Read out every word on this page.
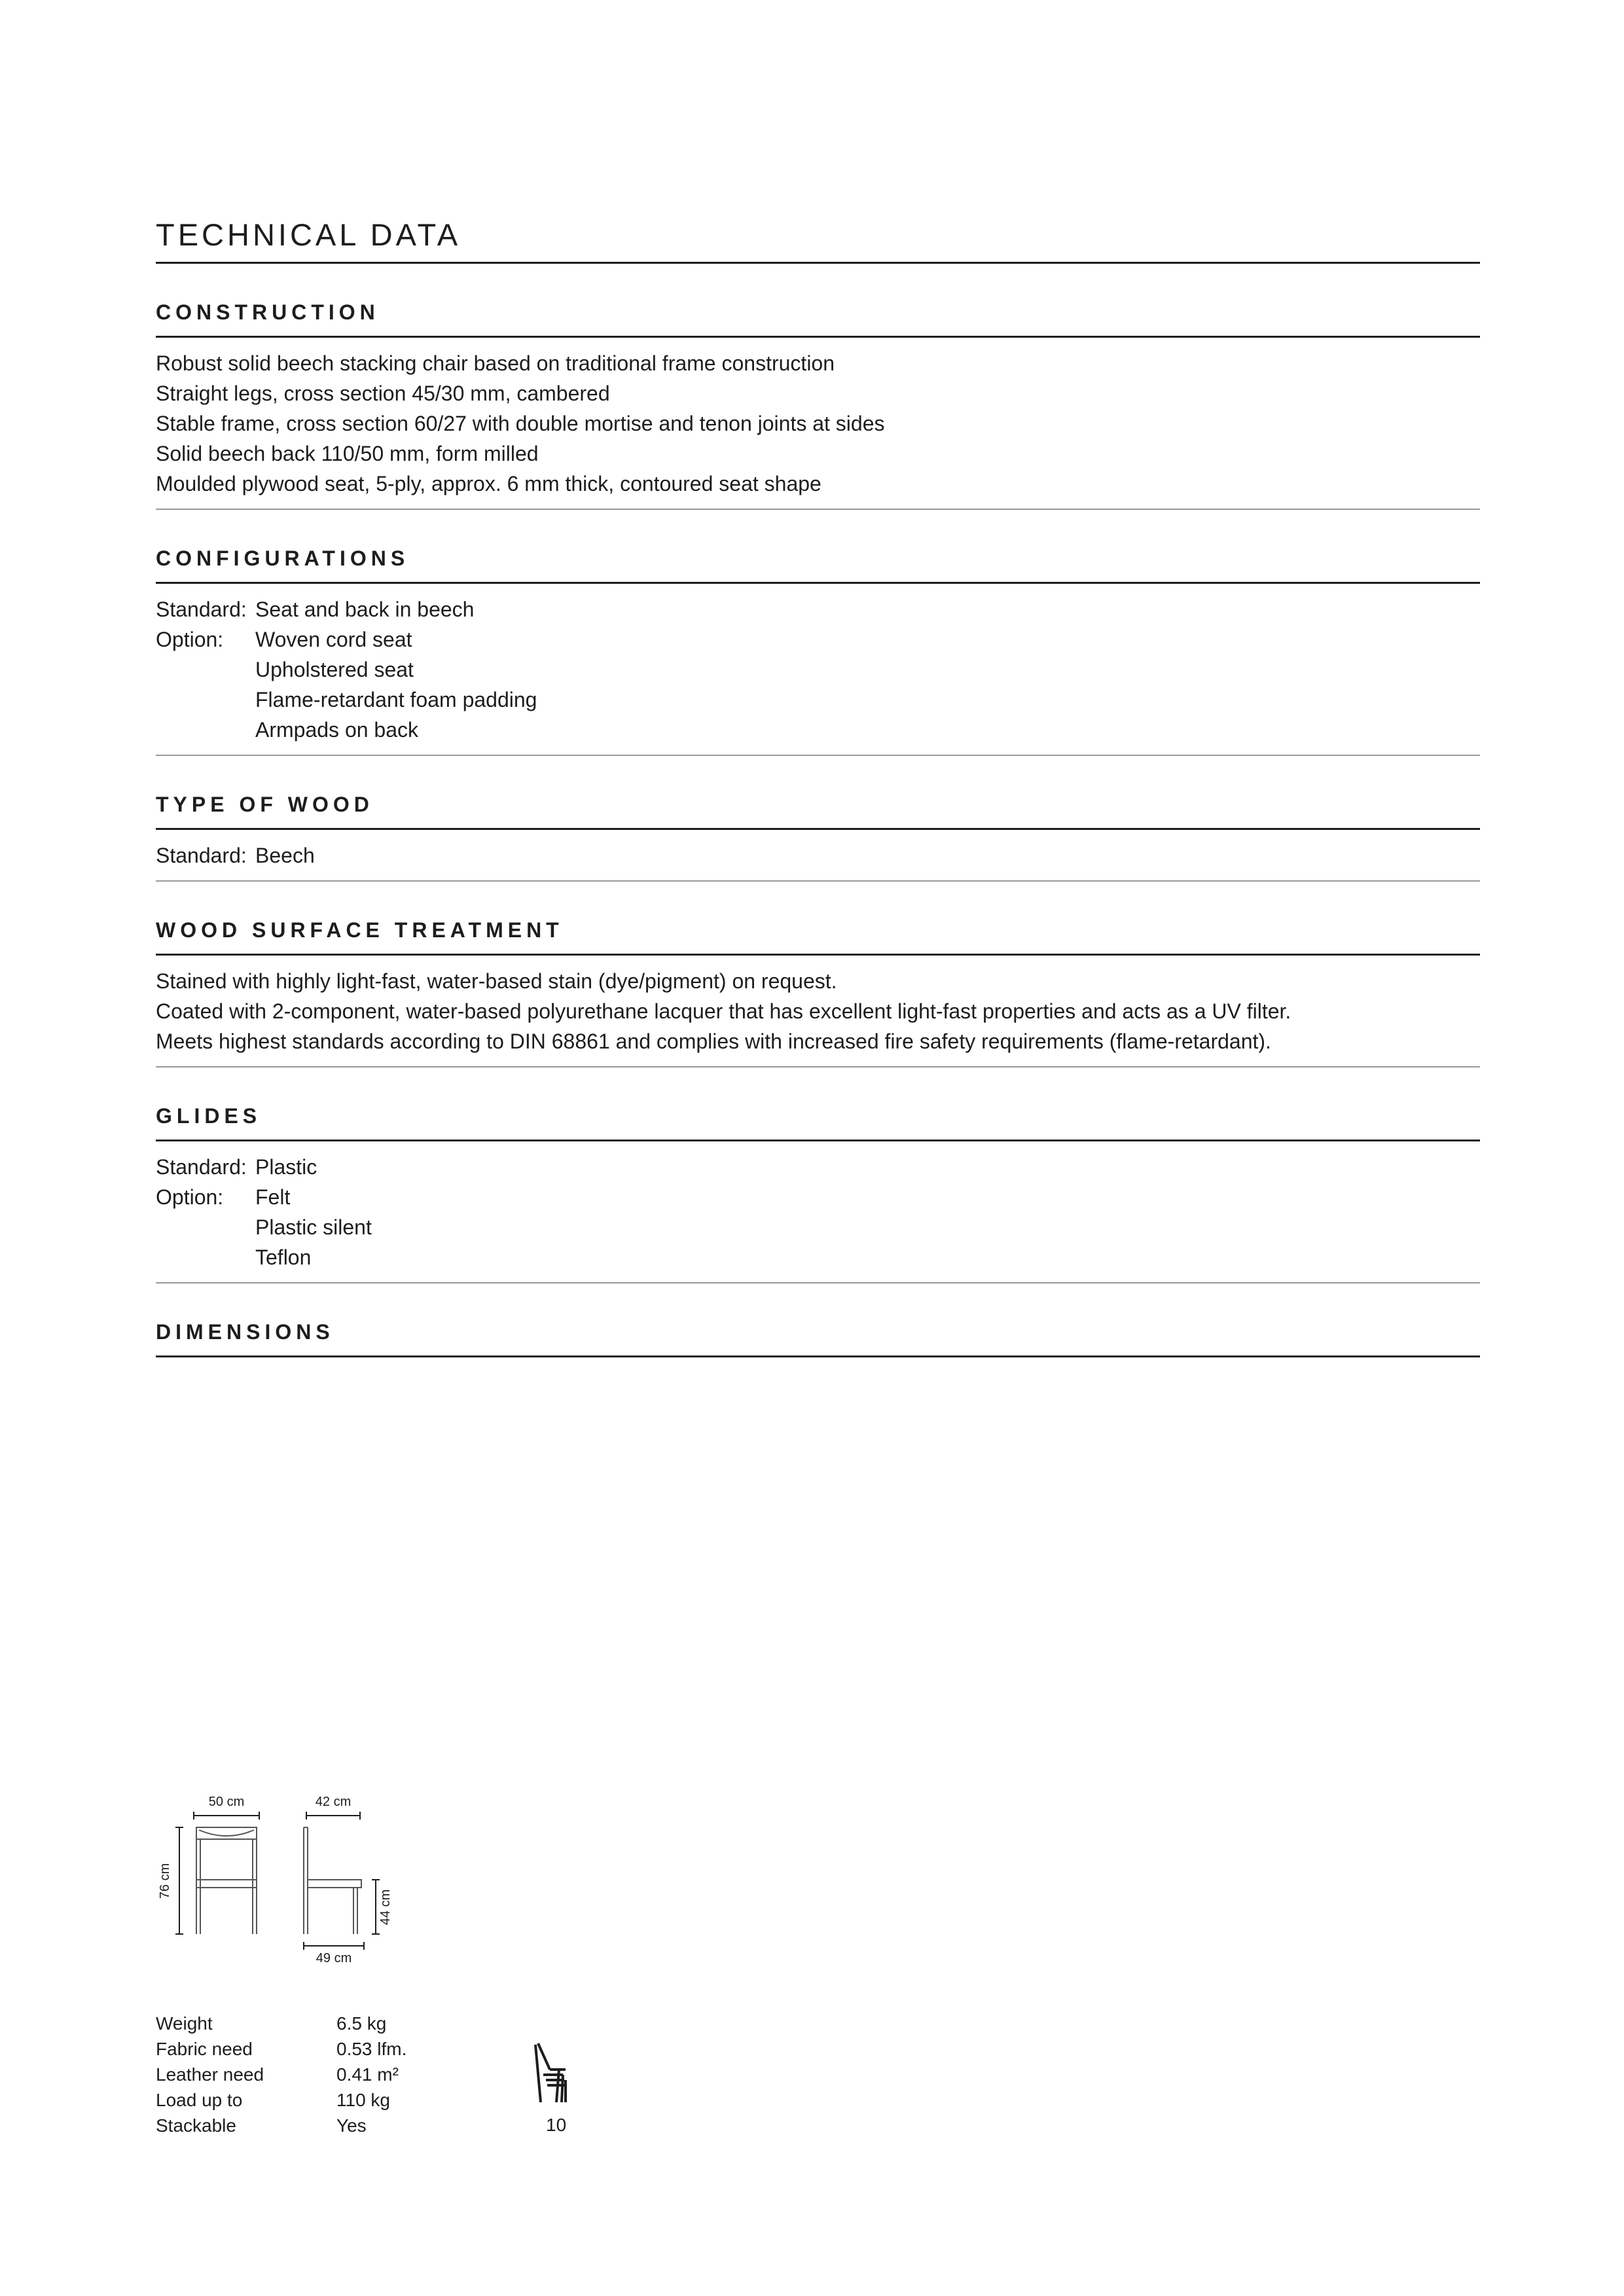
TECHNICAL DATA
CONSTRUCTION
Robust solid beech stacking chair based on traditional frame construction
Straight legs, cross section 45/30 mm, cambered
Stable frame, cross section 60/27 with double mortise and tenon joints at sides
Solid beech back 110/50 mm, form milled
Moulded plywood seat, 5-ply, approx. 6 mm thick, contoured seat shape
CONFIGURATIONS
Standard: Seat and back in beech
Option:	Woven cord seat
Upholstered seat
Flame-retardant foam padding
Armpads on back
TYPE OF WOOD
Standard: Beech
WOOD SURFACE TREATMENT
Stained with highly light-fast, water-based stain (dye/pigment) on request.
Coated with 2-component, water-based polyurethane lacquer that has excellent light-fast properties and acts as a UV filter.
Meets highest standards according to DIN 68861 and complies with increased fire safety requirements (flame-retardant).
GLIDES
Standard: Plastic
Option:	Felt
Plastic silent
Teflon
DIMENSIONS
50 cm
76 cm
42 cm
44 cm
49 cm
Weight	6.5 kg
Fabric need	0.53 lfm.
Leather need	0.41 m²
Load up to	110 kg
Stackable	Yes	10
